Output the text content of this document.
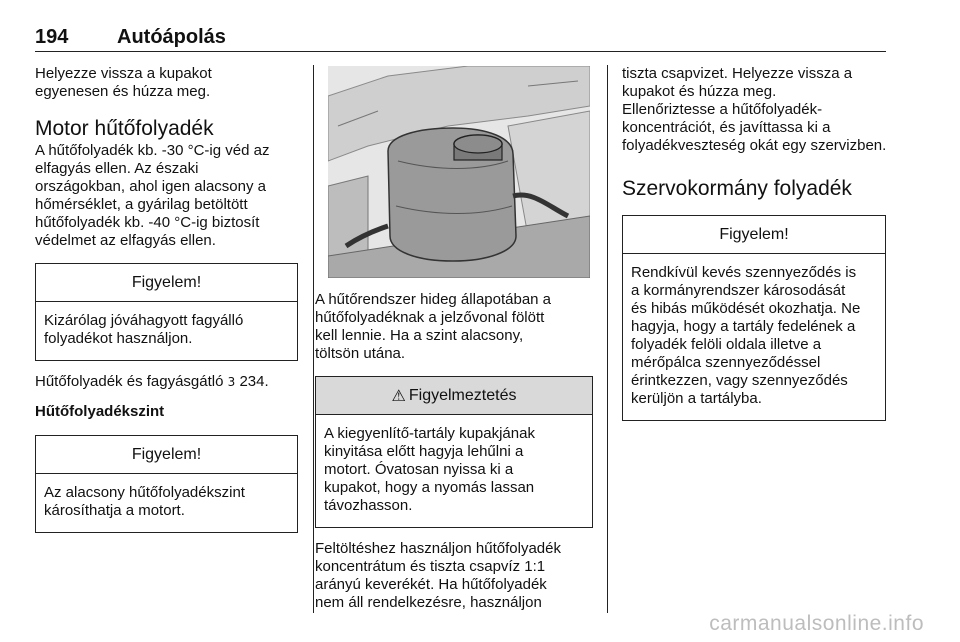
194 Autóápolás

Helyezze vissza a kupakot
egyenesen és húzza meg.

Motor hűtőfolyadék

A hűtőfolyadék kb. -30 °C-ig véd az
elfagyás ellen. Az északi
országokban, ahol igen alacsony a
hőmérséklet, a gyárilag betöltött
hűtőfolyadék kb. -40 °C-ig biztosít
védelmet az elfagyás ellen.

Figyelem!
Kizárólag jóváhagyott fagyálló
folyadékot használjon.

Hűtőfolyadék és fagyásgátló 3 234.

Hűtőfolyadékszint
Figyelem!
Az alacsony hűtőfolyadékszint
károsíthatja a motort.

A hűtőrendszer hideg állapotában a
hűtőfolyadéknak a jelzővonal fölött
kell lennie. Ha a szint alacsony,
töltsön utána.

⚠ Figyelmeztetés
A kiegyenlítő-tartály kupakjának
kinyitása előtt hagyja lehűlni a
motort. Óvatosan nyissa ki a
kupakot, hogy a nyomás lassan
távozhasson.

Feltöltéshez használjon hűtőfolyadék
koncentrátum és tiszta csapvíz 1:1
arányú keverékét. Ha hűtőfolyadék
nem áll rendelkezésre, használjon

tiszta csapvizet. Helyezze vissza a
kupakot és húzza meg.
Ellenőriztesse a hűtőfolyadék-
koncentrációt, és javíttassa ki a
folyadékveszteség okát egy szervizben.

Szervokormány folyadék
Figyelem!
Rendkívül kevés szennyeződés is
a kormányrendszer károsodását
és hibás működését okozhatja. Ne
hagyja, hogy a tartály fedelének a
folyadék felöli oldala illetve a
mérőpálca szennyeződéssel
érintkezzen, vagy szennyeződés
kerüljön a tartályba.
carmanualsonline.info
